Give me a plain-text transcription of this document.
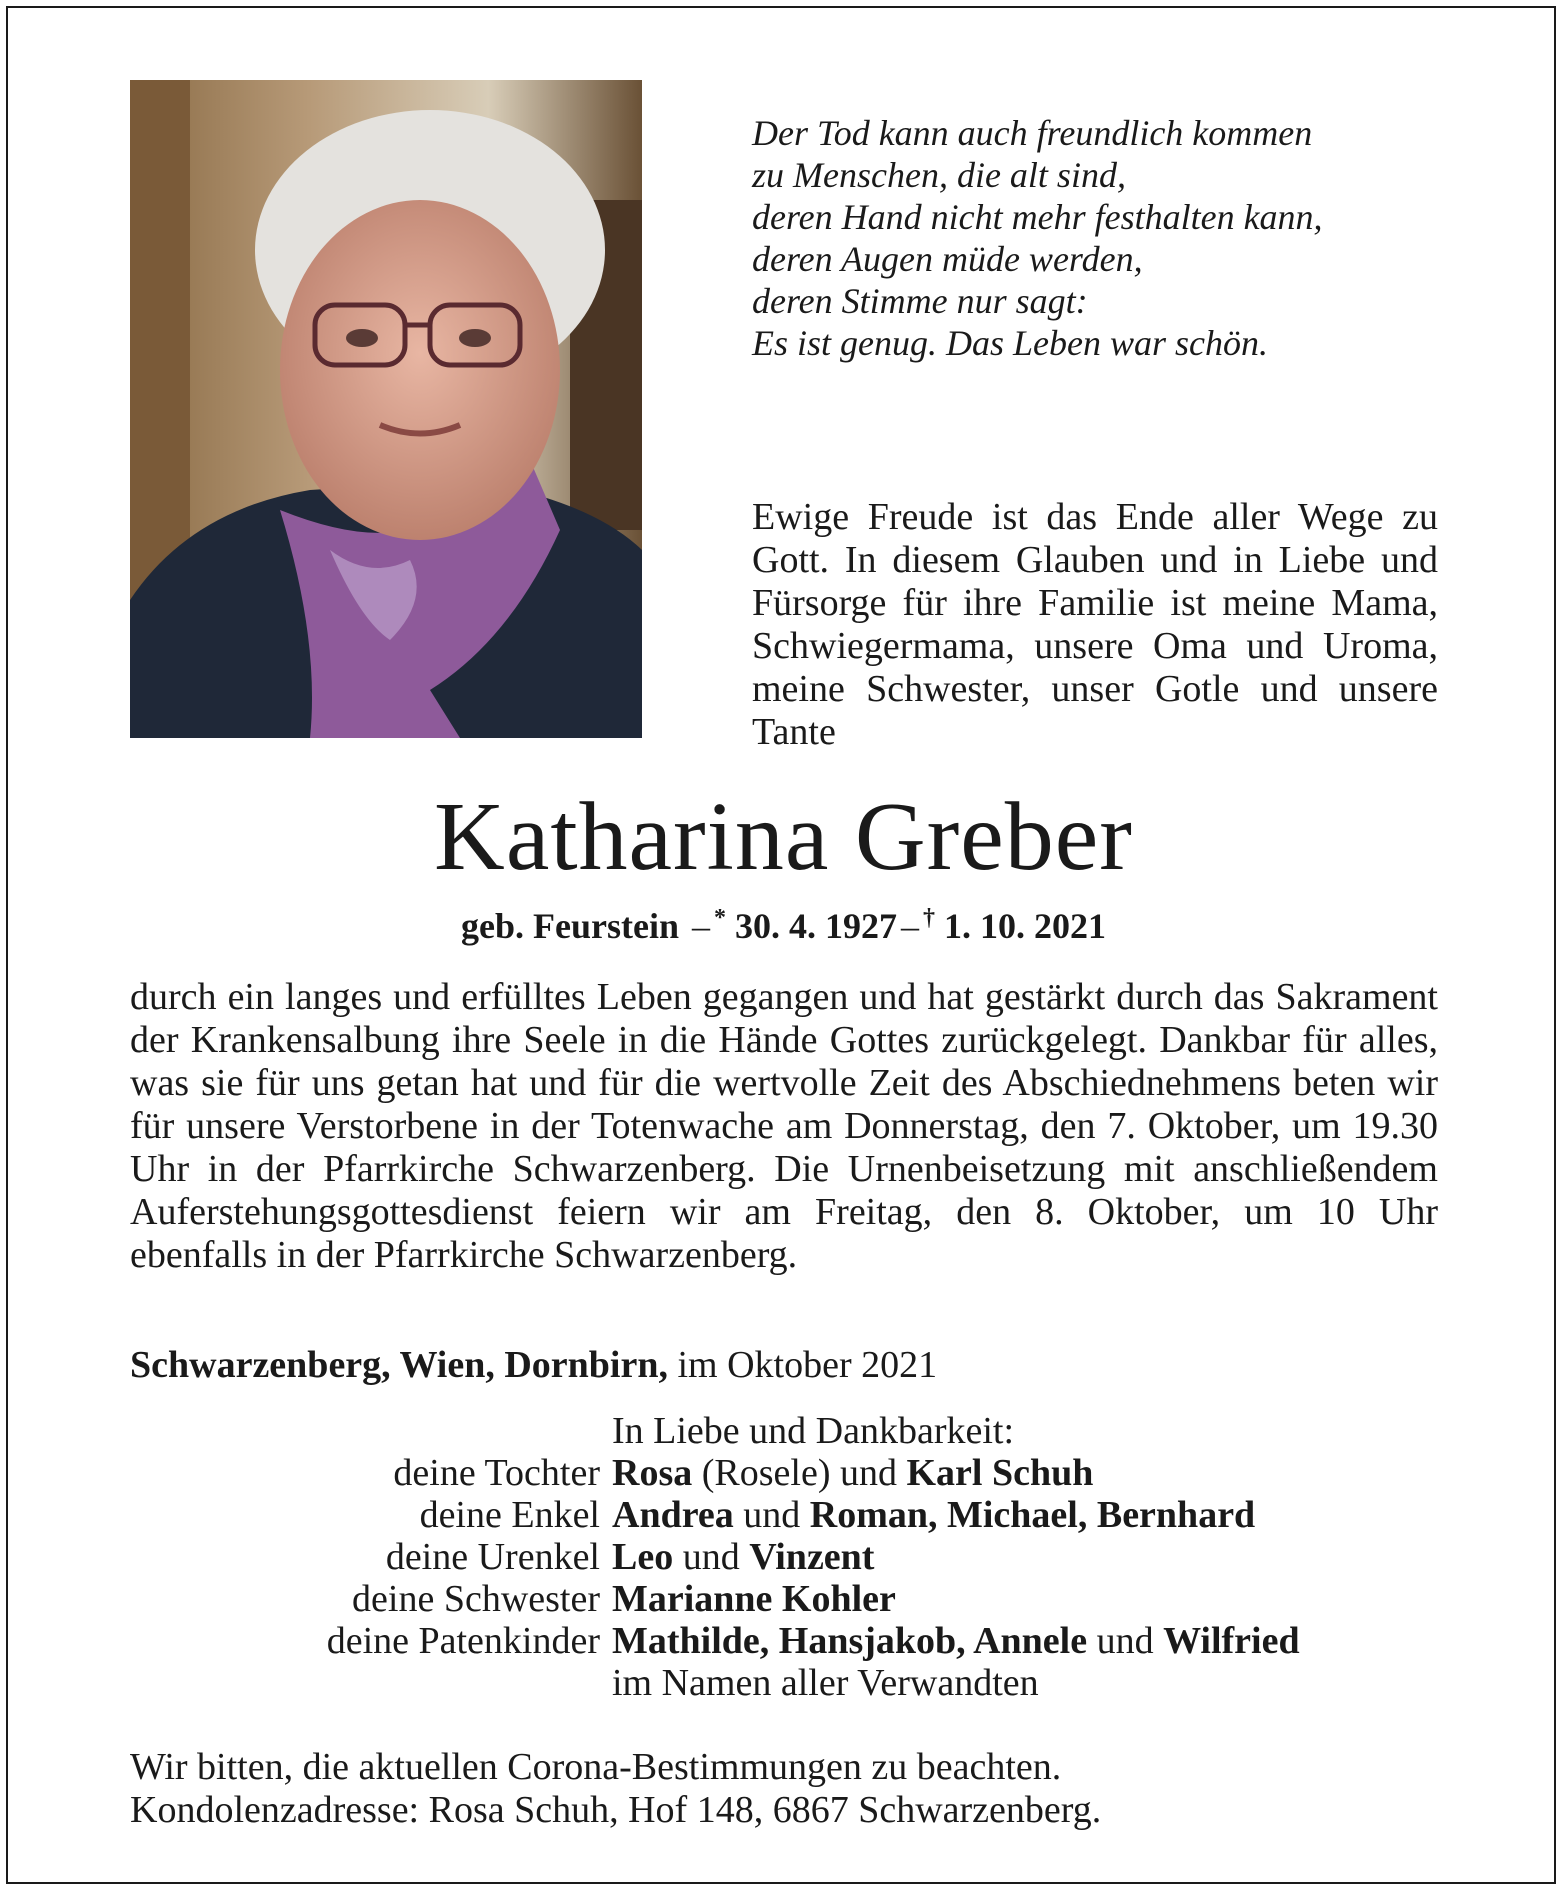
Der Tod kann auch freundlich kommen
zu Menschen, die alt sind,
deren Hand nicht mehr festhalten kann,
deren Augen müde werden,
deren Stimme nur sagt:
Es ist genug. Das Leben war schön.
Ewige Freude ist das Ende aller Wege zu Gott. In diesem Glauben und in Liebe und Fürsorge für ihre Familie ist meine Mama, Schwiegermama, unsere Oma und Uroma, meine Schwester, unser Gotle und unsere Tante
Katharina Greber
geb. Feurstein – * 30. 4. 1927 – † 1. 10. 2021
durch ein langes und erfülltes Leben gegangen und hat gestärkt durch das Sakrament der Krankensalbung ihre Seele in die Hände Gottes zurückgelegt. Dankbar für alles, was sie für uns getan hat und für die wertvolle Zeit des Abschiednehmens beten wir für unsere Verstorbene in der Totenwache am Donnerstag, den 7. Oktober, um 19.30 Uhr in der Pfarrkirche Schwarzenberg. Die Urnenbeisetzung mit anschließendem Auferstehungsgottesdienst feiern wir am Freitag, den 8. Oktober, um 10 Uhr ebenfalls in der Pfarrkirche Schwarzenberg.
Schwarzenberg, Wien, Dornbirn, im Oktober 2021
In Liebe und Dankbarkeit:
deine Tochter Rosa (Rosele) und Karl Schuh
deine Enkel Andrea und Roman, Michael, Bernhard
deine Urenkel Leo und Vinzent
deine Schwester Marianne Kohler
deine Patenkinder Mathilde, Hansjakob, Annele und Wilfried
im Namen aller Verwandten
Wir bitten, die aktuellen Corona-Bestimmungen zu beachten.
Kondolenzadresse: Rosa Schuh, Hof 148, 6867 Schwarzenberg.
